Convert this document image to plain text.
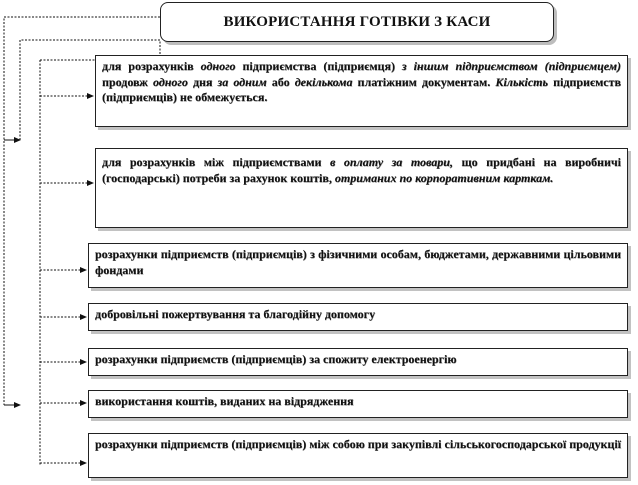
ВИКОРИСТАННЯ ГОТІВКИ З КАСИ
для розрахунків одного підприємства (підприємця) з іншим підприємством (підприємцем) продовж одного дня за одним або декількома платіжним документам. Кількість підприємств (підприємців) не обмежується.
для розрахунків між підприємствами в оплату за товари, що придбані на виробничі (господарські) потреби за рахунок коштів, отриманих по корпоративним карткам.
розрахунки підприємств (підприємців) з фізичними особам, бюджетами, державними цільовими фондами
добровільні пожертвування та благодійну допомогу
розрахунки підприємств (підприємців) за спожиту електроенергію
використання коштів, виданих на відрядження
розрахунки підприємств (підприємців) між собою при закупівлі сільськогосподарської продукції
